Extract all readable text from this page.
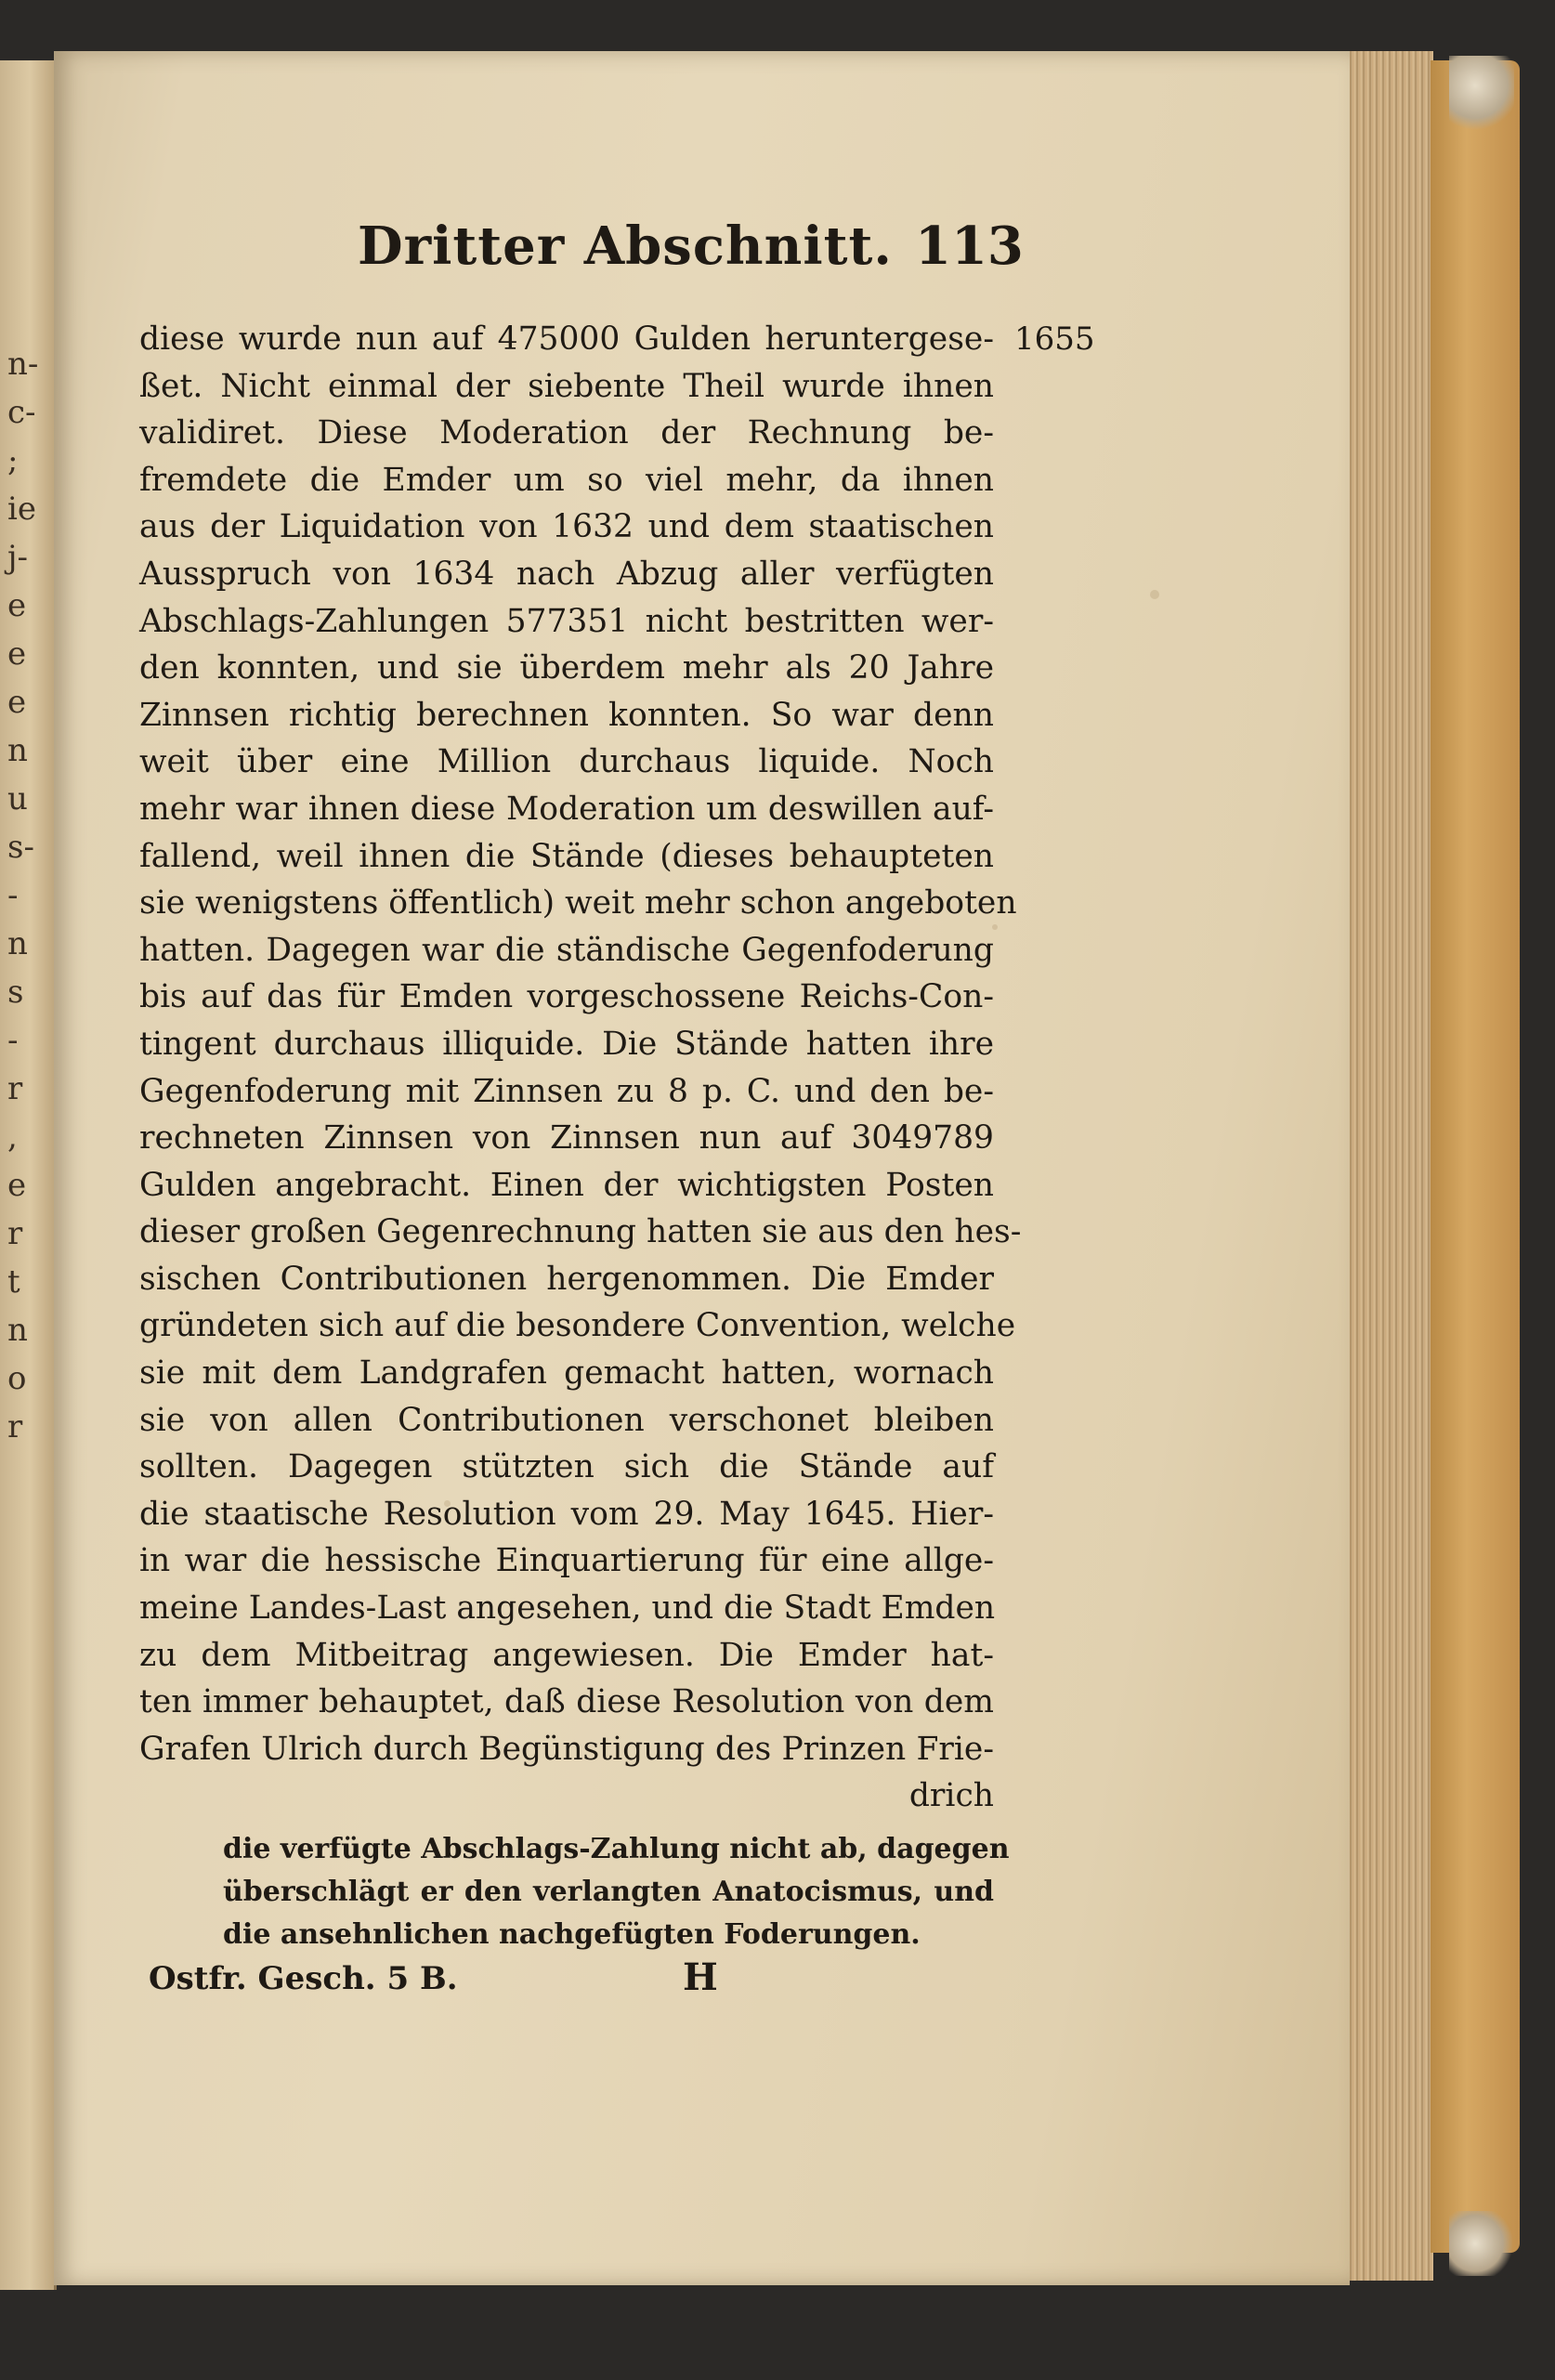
n-
c-
;
ie
j-
e
e
e
n
u
s-
-
n
s
-
r
,
e
r
t
n
o
r
Dritter Abschnitt. 113
1655
diese wurde nun auf 475000 Gulden heruntergese-
ßet. Nicht einmal der siebente Theil wurde ihnen
validiret. Diese Moderation der Rechnung be-
fremdete die Emder um so viel mehr, da ihnen
aus der Liquidation von 1632 und dem staatischen
Ausspruch von 1634 nach Abzug aller verfügten
Abschlags-Zahlungen 577351 nicht bestritten wer-
den konnten, und sie überdem mehr als 20 Jahre
Zinnsen richtig berechnen konnten. So war denn
weit über eine Million durchaus liquide. Noch
mehr war ihnen diese Moderation um deswillen auf-
fallend, weil ihnen die Stände (dieses behaupteten
sie wenigstens öffentlich) weit mehr schon angeboten
hatten. Dagegen war die ständische Gegenfoderung
bis auf das für Emden vorgeschossene Reichs-Con-
tingent durchaus illiquide. Die Stände hatten ihre
Gegenfoderung mit Zinnsen zu 8 p. C. und den be-
rechneten Zinnsen von Zinnsen nun auf 3049789
Gulden angebracht. Einen der wichtigsten Posten
dieser großen Gegenrechnung hatten sie aus den hes-
sischen Contributionen hergenommen. Die Emder
gründeten sich auf die besondere Convention, welche
sie mit dem Landgrafen gemacht hatten, wornach
sie von allen Contributionen verschonet bleiben
sollten. Dagegen stützten sich die Stände auf
die staatische Resolution vom 29. May 1645. Hier-
in war die hessische Einquartierung für eine allge-
meine Landes-Last angesehen, und die Stadt Emden
zu dem Mitbeitrag angewiesen. Die Emder hat-
ten immer behauptet, daß diese Resolution von dem
Grafen Ulrich durch Begünstigung des Prinzen Frie-
drich
die verfügte Abschlags-Zahlung nicht ab, dagegen
überschlägt er den verlangten Anatocismus, und
die ansehnlichen nachgefügten Foderungen.
Ostfr. Gesch. 5 B.	H
